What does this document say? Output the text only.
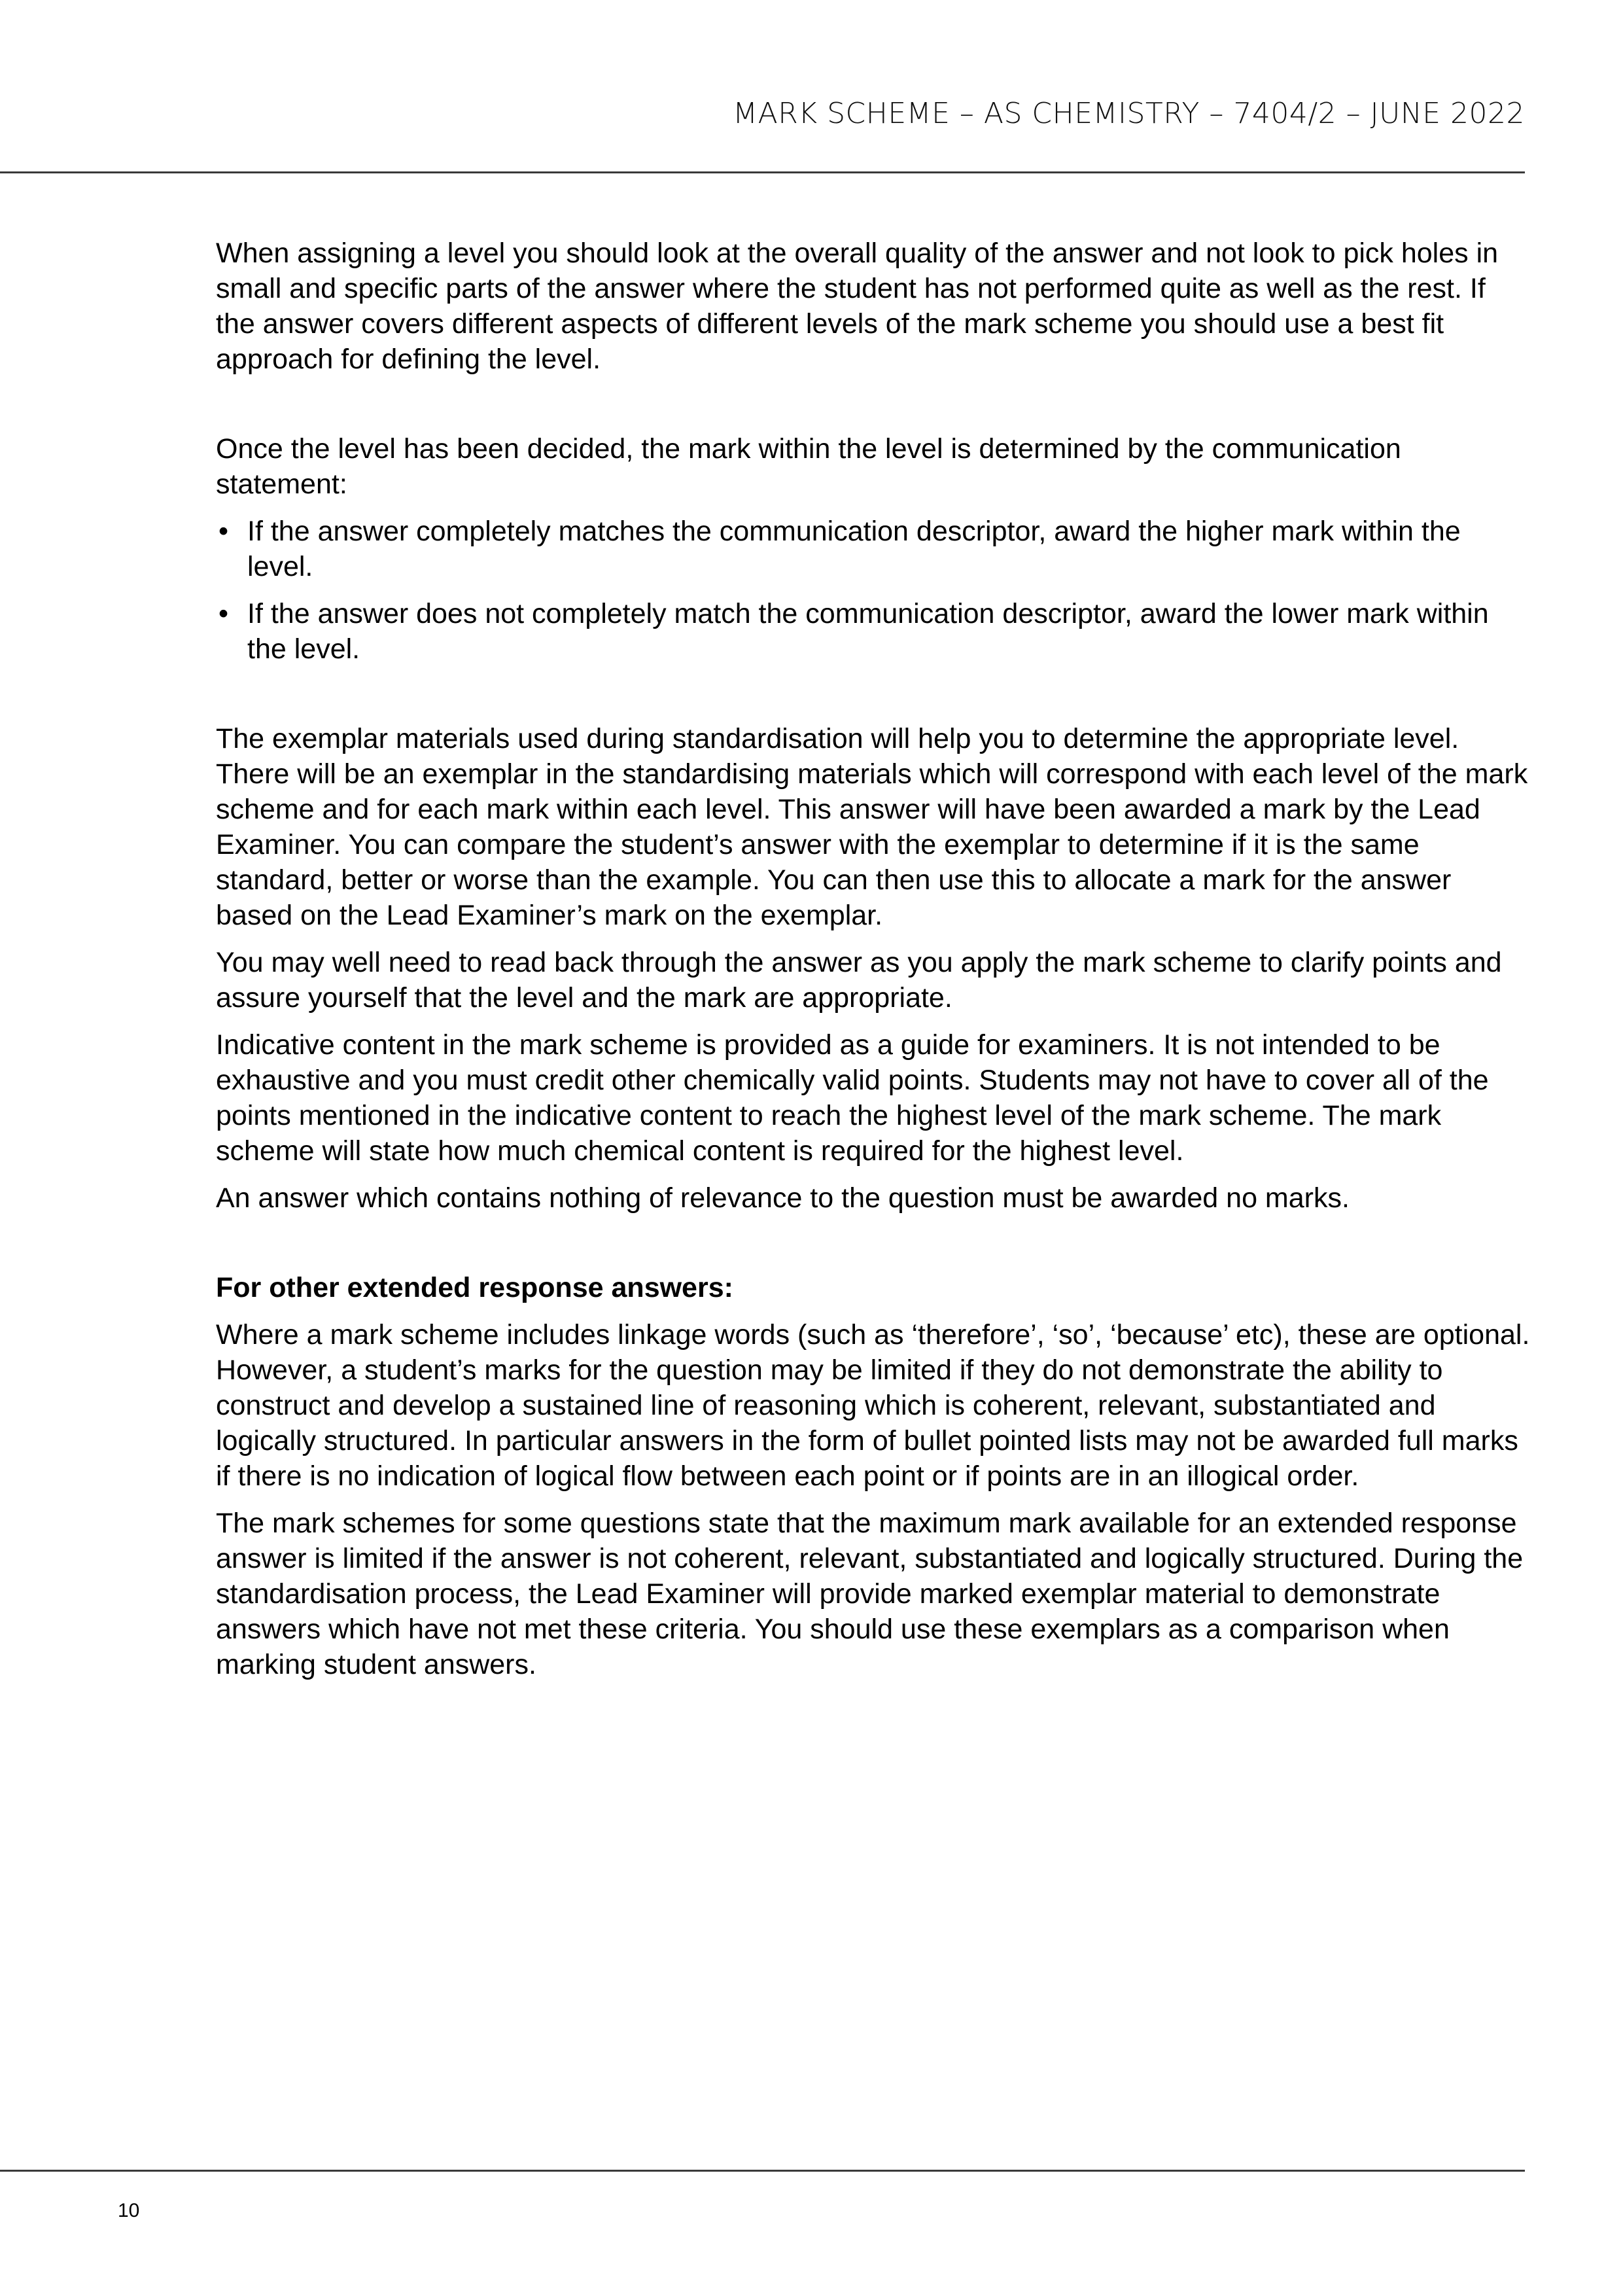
MARK SCHEME – AS CHEMISTRY – 7404/2 – JUNE 2022

When assigning a level you should look at the overall quality of the answer and not look to pick holes in small and specific parts of the answer where the student has not performed quite as well as the rest. If the answer covers different aspects of different levels of the mark scheme you should use a best fit approach for defining the level.

Once the level has been decided, the mark within the level is determined by the communication statement:

• If the answer completely matches the communication descriptor, award the higher mark within the level.
• If the answer does not completely match the communication descriptor, award the lower mark within the level.

The exemplar materials used during standardisation will help you to determine the appropriate level. There will be an exemplar in the standardising materials which will correspond with each level of the mark scheme and for each mark within each level. This answer will have been awarded a mark by the Lead Examiner. You can compare the student’s answer with the exemplar to determine if it is the same standard, better or worse than the example. You can then use this to allocate a mark for the answer based on the Lead Examiner’s mark on the exemplar.

You may well need to read back through the answer as you apply the mark scheme to clarify points and assure yourself that the level and the mark are appropriate.

Indicative content in the mark scheme is provided as a guide for examiners. It is not intended to be exhaustive and you must credit other chemically valid points. Students may not have to cover all of the points mentioned in the indicative content to reach the highest level of the mark scheme. The mark scheme will state how much chemical content is required for the highest level.

An answer which contains nothing of relevance to the question must be awarded no marks.

For other extended response answers:

Where a mark scheme includes linkage words (such as ‘therefore’, ‘so’, ‘because’ etc), these are optional. However, a student’s marks for the question may be limited if they do not demonstrate the ability to construct and develop a sustained line of reasoning which is coherent, relevant, substantiated and logically structured. In particular answers in the form of bullet pointed lists may not be awarded full marks if there is no indication of logical flow between each point or if points are in an illogical order.

The mark schemes for some questions state that the maximum mark available for an extended response answer is limited if the answer is not coherent, relevant, substantiated and logically structured. During the standardisation process, the Lead Examiner will provide marked exemplar material to demonstrate answers which have not met these criteria. You should use these exemplars as a comparison when marking student answers.

10
